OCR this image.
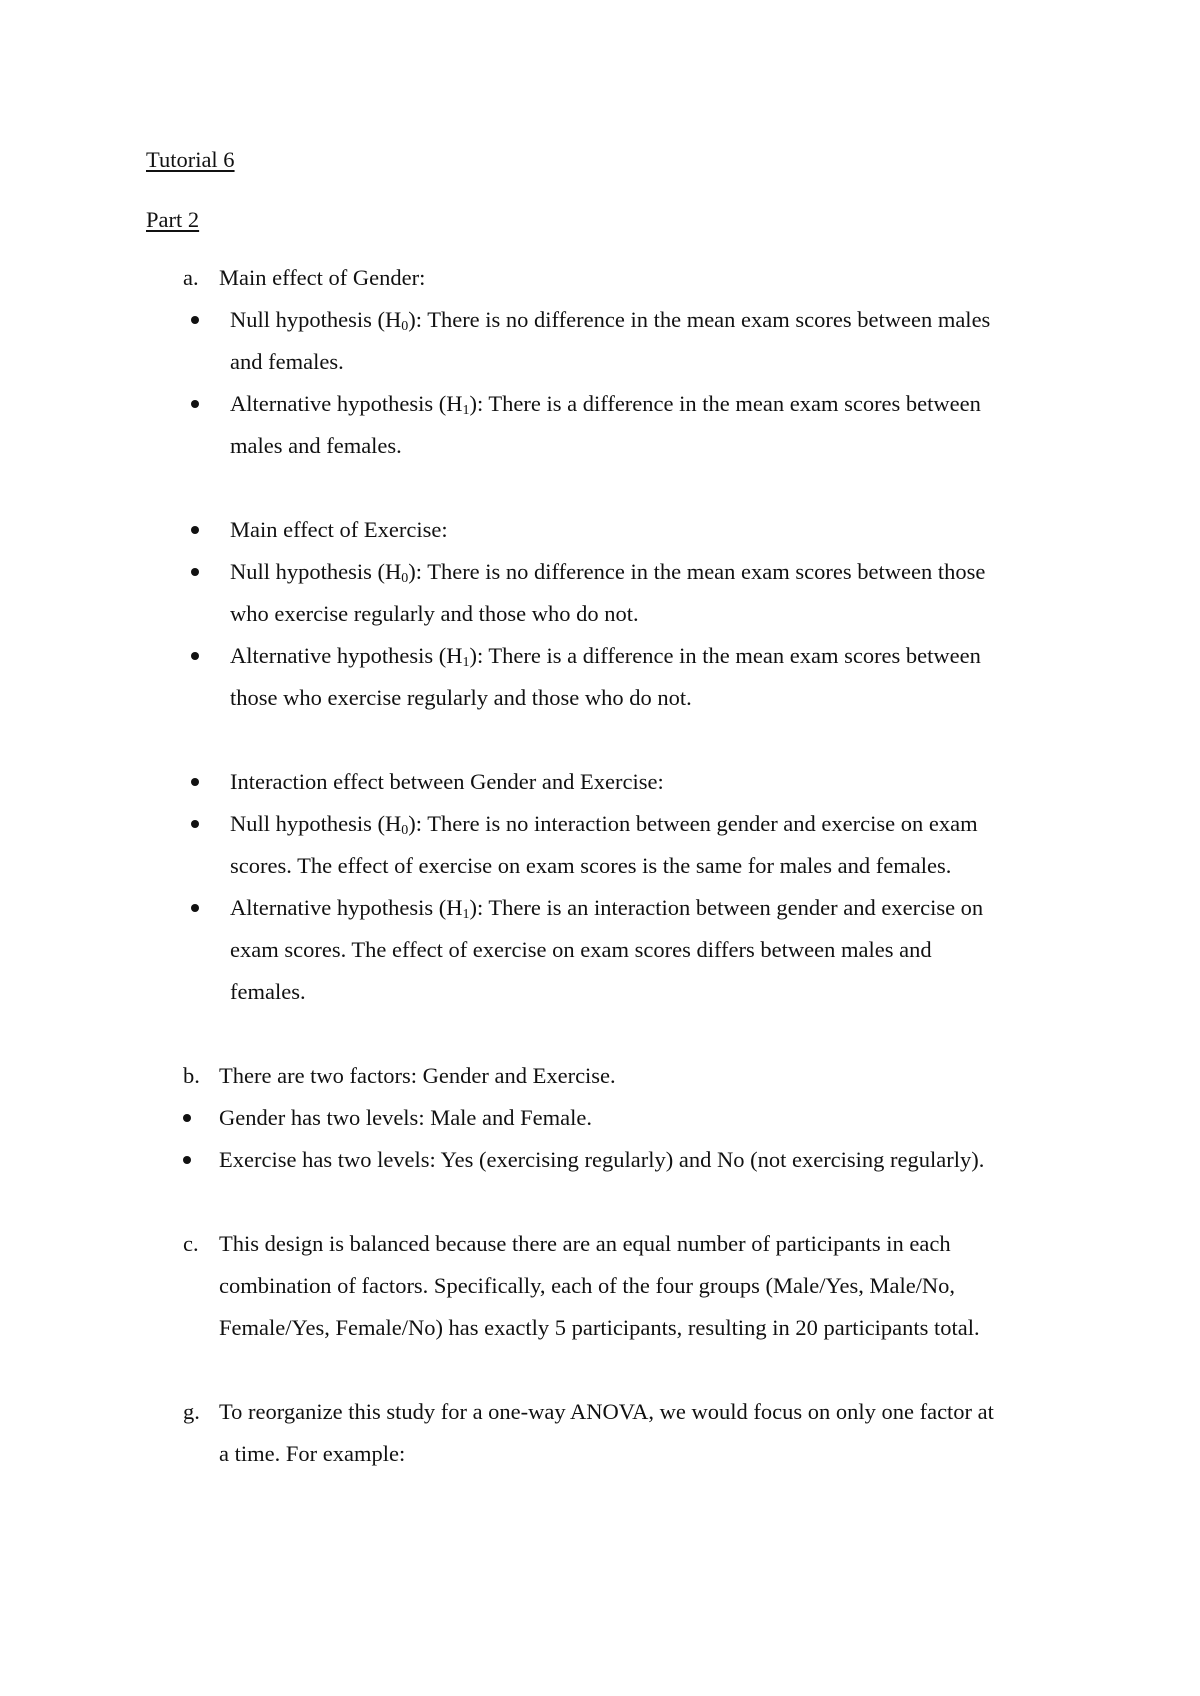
Tutorial 6
Part 2
a. Main effect of Gender:
Null hypothesis $(H_0)$: There is no difference in the mean exam scores between males
and females.
Alternative hypothesis $(H_1)$: There is a difference in the mean exam scores between
males and females.
Main effect of Exercise:
Null hypothesis $(H_0)$: There is no difference in the mean exam scores between those
who exercise regularly and those who do not.
Alternative hypothesis $(H_1)$: There is a difference in the mean exam scores between
those who exercise regularly and those who do not.
Interaction effect between Gender and Exercise:
Null hypothesis $(H_0)$: There is no interaction between gender and exercise on exam
scores. The effect of exercise on exam scores is the same for males and females.
Alternative hypothesis $(H_1)$: There is an interaction between gender and exercise on
exam scores. The effect of exercise on exam scores differs between males and
females.
b. There are two factors: Gender and Exercise.
Gender has two levels: Male and Female.
Exercise has two levels: Yes (exercising regularly) and No (not exercising regularly).
c. This design is balanced because there are an equal number of participants in each
combination of factors. Specifically, each of the four groups (Male/Yes, Male/No,
Female/Yes, Female/No) has exactly 5 participants, resulting in 20 participants total.
g. To reorganize this study for a one-way ANOVA, we would focus on only one factor at
a time. For example:
